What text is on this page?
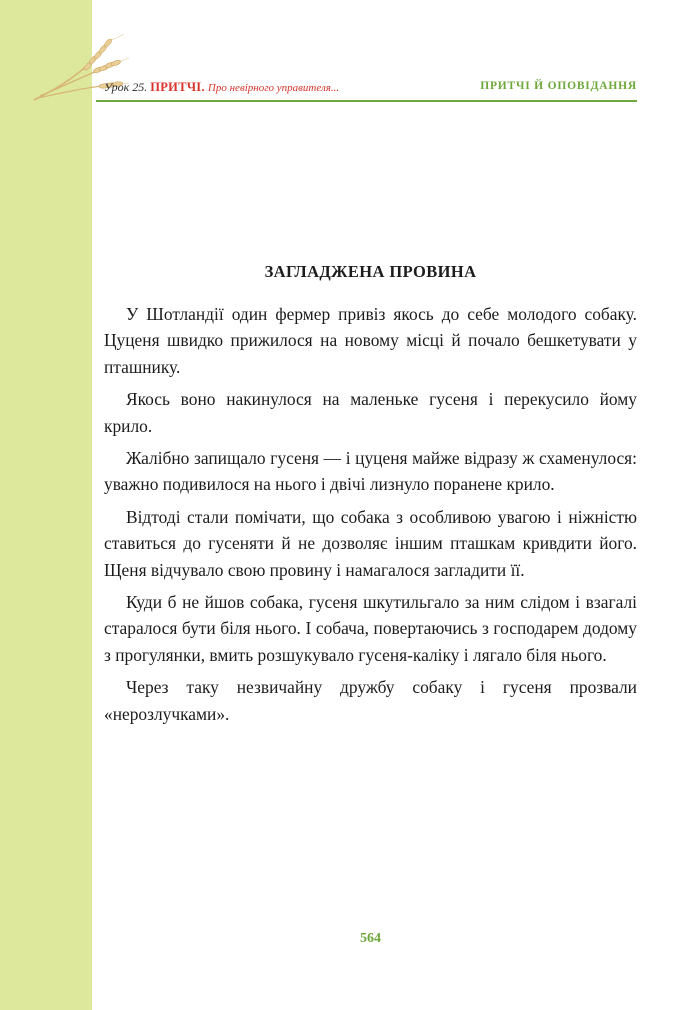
Урок 25. ПРИТЧІ. Про невірного управителя...	ПРИТЧІ Й ОПОВІДАННЯ
ЗАГЛАДЖЕНА ПРОВИНА

У Шотландії один фермер привіз якось до себе молодого собаку. Цуценя швидко прижилося на новому місці й почало бешкетувати у пташнику.

Якось воно накинулося на маленьке гусеня і перекусило йому крило.

Жалібно запищало гусеня — і цуценя майже відразу ж схаменулося: уважно подивилося на нього і двічі лизнуло поранене крило.

Відтоді стали помічати, що собака з особливою увагою і ніжністю ставиться до гусеняти й не дозволяє іншим пташкам кривдити його. Щеня відчувало свою провину і намагалося загладити її.

Куди б не йшов собака, гусеня шкутильгало за ним слідом і взагалі старалося бути біля нього. І собача, повертаючись з господарем додому з прогулянки, вмить розшукувало гусеня-каліку і лягало біля нього.

Через таку незвичайну дружбу собаку і гусеня прозвали «нерозлучками».

564
